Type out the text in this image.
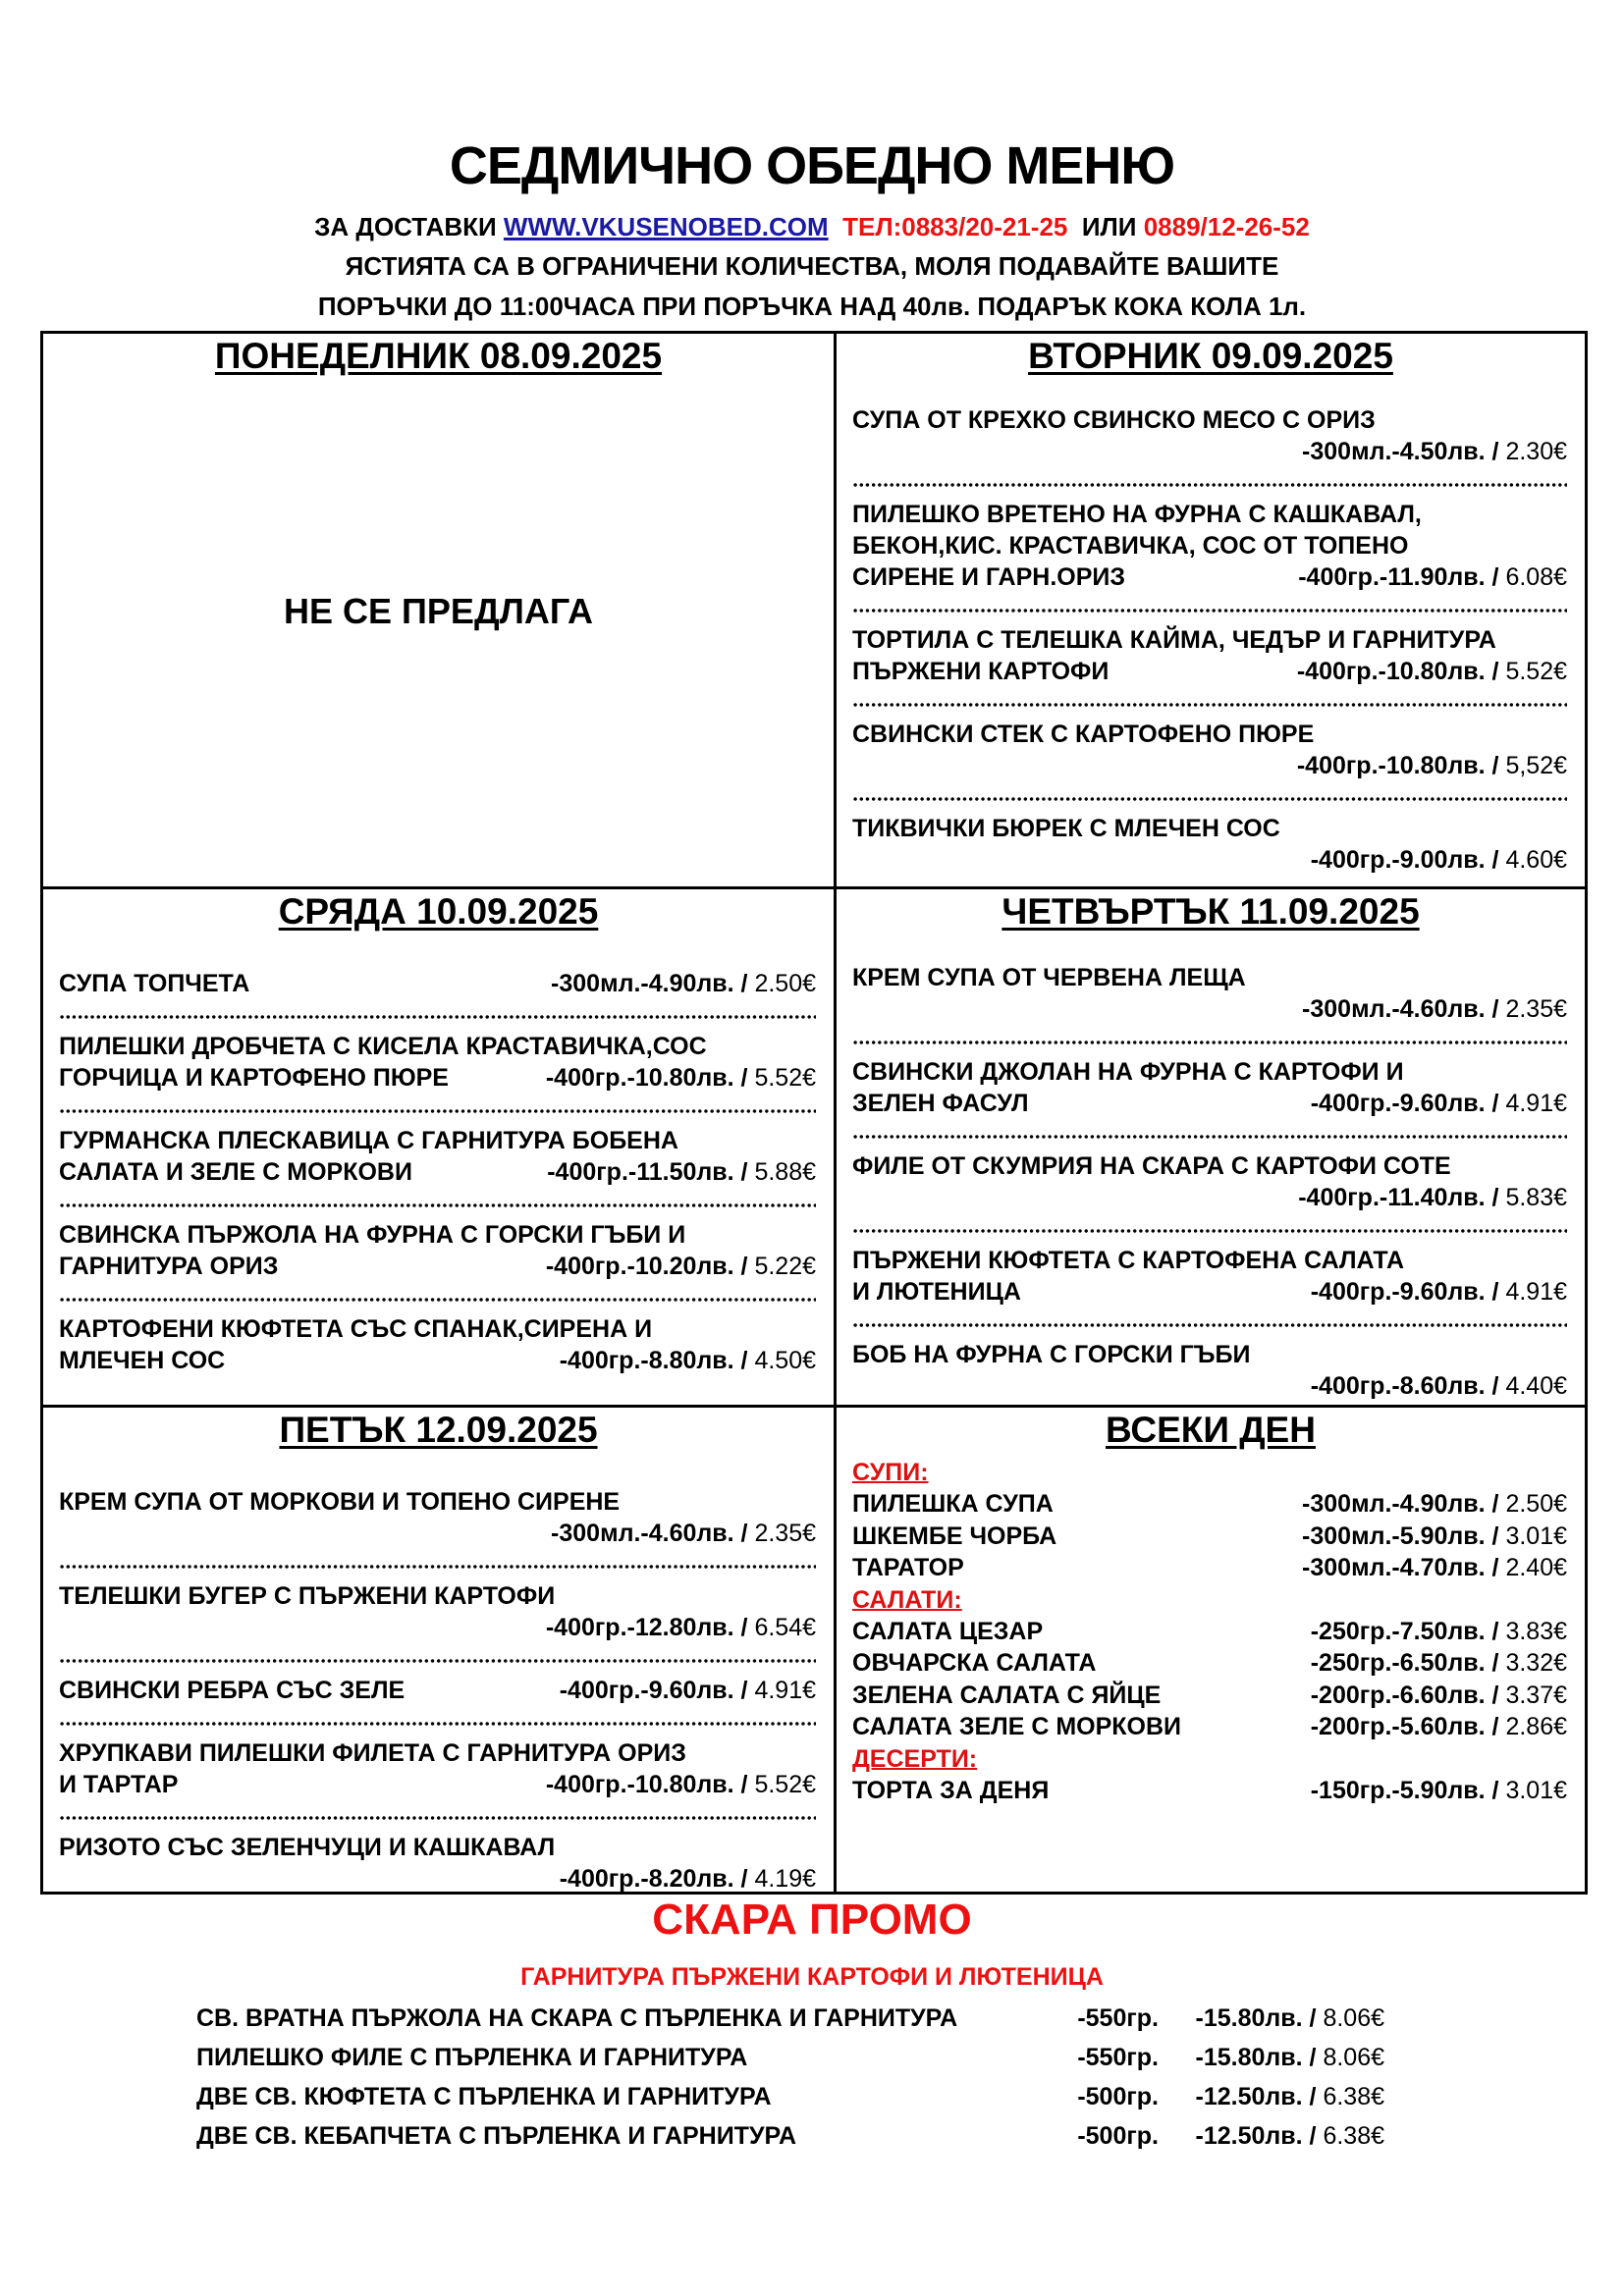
СЕДМИЧНО ОБЕДНО МЕНЮ
ЗА ДОСТАВКИ WWW.VKUSENOBED.COM ТЕЛ:0883/20-21-25 ИЛИ 0889/12-26-52
ЯСТИЯТА СА В ОГРАНИЧЕНИ КОЛИЧЕСТВА, МОЛЯ ПОДАВАЙТЕ ВАШИТЕ
ПОРЪЧКИ ДО 11:00ЧАСА ПРИ ПОРЪЧКА НАД 40лв. ПОДАРЪК КОКА КОЛА 1л.
ПОНЕДЕЛНИК 08.09.2025
НЕ СЕ ПРЕДЛАГА
ВТОРНИК 09.09.2025
СУПА ОТ КРЕХКО СВИНСКО МЕСО С ОРИЗ
-300мл.-4.50лв. / 2.30€
ПИЛЕШКО ВРЕТЕНО НА ФУРНА С КАШКАВАЛ,
БЕКОН,КИС. КРАСТАВИЧКА, СОС ОТ ТОПЕНО
СИРЕНЕ И ГАРН.ОРИЗ	-400гр.-11.90лв. / 6.08€
ТОРТИЛА С ТЕЛЕШКА КАЙМА, ЧЕДЪР И ГАРНИТУРА
ПЪРЖЕНИ КАРТОФИ	-400гр.-10.80лв. / 5.52€
СВИНСКИ СТЕК С КАРТОФЕНО ПЮРЕ
-400гр.-10.80лв. / 5,52€
ТИКВИЧКИ БЮРЕК С МЛЕЧЕН СОС
-400гр.-9.00лв. / 4.60€
СРЯДА 10.09.2025
СУПА ТОПЧЕТА	-300мл.-4.90лв. / 2.50€
ПИЛЕШКИ ДРОБЧЕТА С КИСЕЛА КРАСТАВИЧКА,СОС
ГОРЧИЦА И КАРТОФЕНО ПЮРЕ	-400гр.-10.80лв. / 5.52€
ГУРМАНСКА ПЛЕСКАВИЦА С ГАРНИТУРА БОБЕНА
САЛАТА И ЗЕЛЕ С МОРКОВИ	-400гр.-11.50лв. / 5.88€
СВИНСКА ПЪРЖОЛА НА ФУРНА С ГОРСКИ ГЪБИ И
ГАРНИТУРА ОРИЗ	-400гр.-10.20лв. / 5.22€
КАРТОФЕНИ КЮФТЕТА СЪС СПАНАК,СИРЕНА И
МЛЕЧЕН СОС	-400гр.-8.80лв. / 4.50€
ЧЕТВЪРТЪК 11.09.2025
КРЕМ СУПА ОТ ЧЕРВЕНА ЛЕЩА
-300мл.-4.60лв. / 2.35€
СВИНСКИ ДЖОЛАН НА ФУРНА С КАРТОФИ И
ЗЕЛЕН ФАСУЛ	-400гр.-9.60лв. / 4.91€
ФИЛЕ ОТ СКУМРИЯ НА СКАРА С КАРТОФИ СОТЕ
-400гр.-11.40лв. / 5.83€
ПЪРЖЕНИ КЮФТЕТА С КАРТОФЕНА САЛАТА
И ЛЮТЕНИЦА	-400гр.-9.60лв. / 4.91€
БОБ НА ФУРНА С ГОРСКИ ГЪБИ
-400гр.-8.60лв. / 4.40€
ПЕТЪК 12.09.2025
КРЕМ СУПА ОТ МОРКОВИ И ТОПЕНО СИРЕНЕ
-300мл.-4.60лв. / 2.35€
ТЕЛЕШКИ БУГЕР С ПЪРЖЕНИ КАРТОФИ
-400гр.-12.80лв. / 6.54€
СВИНСКИ РЕБРА СЪС ЗЕЛЕ	-400гр.-9.60лв. / 4.91€
ХРУПКАВИ ПИЛЕШКИ ФИЛЕТА С ГАРНИТУРА ОРИЗ
И ТАРТАР	-400гр.-10.80лв. / 5.52€
РИЗОТО СЪС ЗЕЛЕНЧУЦИ И КАШКАВАЛ
-400гр.-8.20лв. / 4.19€
ВСЕКИ ДЕН
СУПИ:
ПИЛЕШКА СУПА	-300мл.-4.90лв. / 2.50€
ШКЕМБЕ ЧОРБА	-300мл.-5.90лв. / 3.01€
ТАРАТОР	-300мл.-4.70лв. / 2.40€
САЛАТИ:
САЛАТА ЦЕЗАР	-250гр.-7.50лв. / 3.83€
ОВЧАРСКА САЛАТА	-250гр.-6.50лв. / 3.32€
ЗЕЛЕНА САЛАТА С ЯЙЦЕ	-200гр.-6.60лв. / 3.37€
САЛАТА ЗЕЛЕ С МОРКОВИ	-200гр.-5.60лв. / 2.86€
ДЕСЕРТИ:
ТОРТА ЗА ДЕНЯ	-150гр.-5.90лв. / 3.01€
СКАРА ПРОМО
ГАРНИТУРА ПЪРЖЕНИ КАРТОФИ И ЛЮТЕНИЦА
СВ. ВРАТНА ПЪРЖОЛА НА СКАРА С ПЪРЛЕНКА И ГАРНИТУРА	-550гр. -15.80лв. / 8.06€
ПИЛЕШКО ФИЛЕ С ПЪРЛЕНКА И ГАРНИТУРА	-550гр. -15.80лв. / 8.06€
ДВЕ СВ. КЮФТЕТА С ПЪРЛЕНКА И ГАРНИТУРА	-500гр. -12.50лв. / 6.38€
ДВЕ СВ. КЕБАПЧЕТА С ПЪРЛЕНКА И ГАРНИТУРА	-500гр. -12.50лв. / 6.38€
